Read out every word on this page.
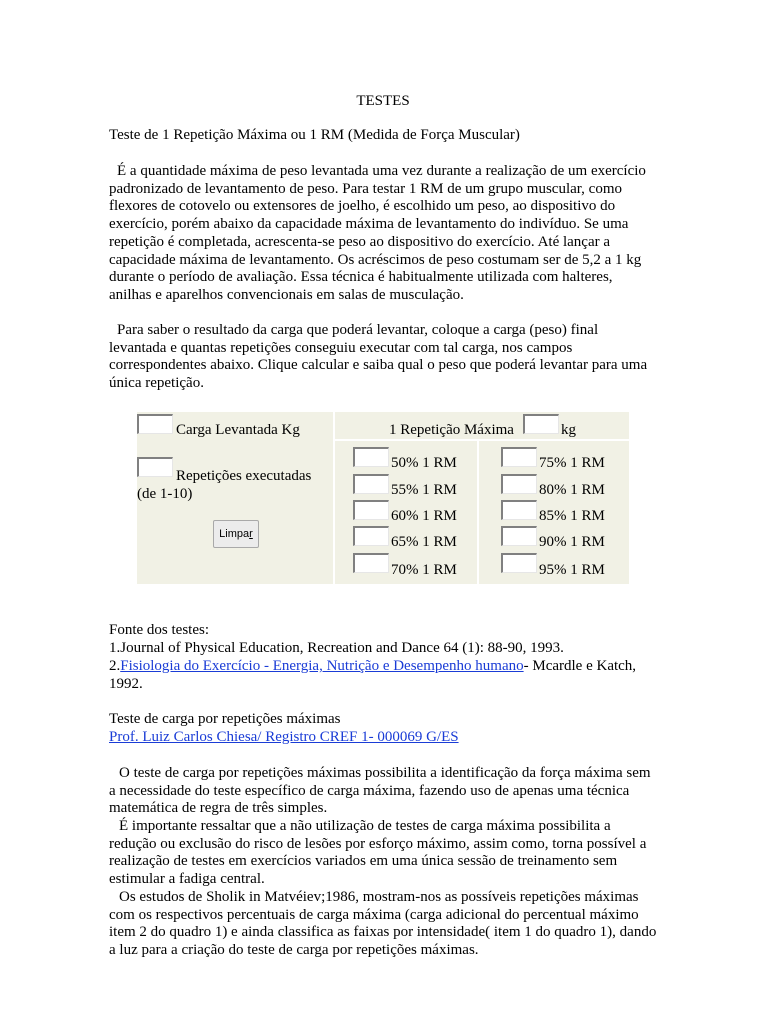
TESTES

Teste de 1 Repetição Máxima ou 1 RM (Medida de Força Muscular)

É a quantidade máxima de peso levantada uma vez durante a realização de um exercício padronizado de levantamento de peso. Para testar 1 RM de um grupo muscular, como flexores de cotovelo ou extensores de joelho, é escolhido um peso, ao dispositivo do exercício, porém abaixo da capacidade máxima de levantamento do indivíduo. Se uma repetição é completada, acrescenta-se peso ao dispositivo do exercício. Até lançar a capacidade máxima de levantamento. Os acréscimos de peso costumam ser de 5,2 a 1 kg durante o período de avaliação. Essa técnica é habitualmente utilizada com halteres, anilhas e aparelhos convencionais em salas de musculação.

Para saber o resultado da carga que poderá levantar, coloque a carga (peso) final levantada e quantas repetições conseguiu executar com tal carga, nos campos correspondentes abaixo. Clique calcular e saiba qual o peso que poderá levantar para uma única repetição.

Carga Levantada Kg
Repetições executadas
(de 1-10)
Limpar
1 Repetição Máxima	kg
50% 1 RM
55% 1 RM
60% 1 RM
65% 1 RM
70% 1 RM
75% 1 RM
80% 1 RM
85% 1 RM
90% 1 RM
95% 1 RM

Fonte dos testes:

1.Journal of Physical Education, Recreation and Dance 64 (1): 88-90, 1993.

2.Fisiologia do Exercício - Energia, Nutrição e Desempenho humano- Mcardle e Katch, 1992.

Teste de carga por repetições máximas

Prof. Luiz Carlos Chiesa/ Registro CREF 1- 000069 G/ES

O teste de carga por repetições máximas possibilita a identificação da força máxima sem a necessidade do teste específico de carga máxima, fazendo uso de apenas uma técnica matemática de regra de três simples.

É importante ressaltar que a não utilização de testes de carga máxima possibilita a redução ou exclusão do risco de lesões por esforço máximo, assim como, torna possível a realização de testes em exercícios variados em uma única sessão de treinamento sem estimular a fadiga central.

Os estudos de Sholik in Matvéiev;1986, mostram-nos as possíveis repetições máximas com os respectivos percentuais de carga máxima (carga adicional do percentual máximo item 2 do quadro 1) e ainda classifica as faixas por intensidade( item 1 do quadro 1), dando a luz para a criação do teste de carga por repetições máximas.
